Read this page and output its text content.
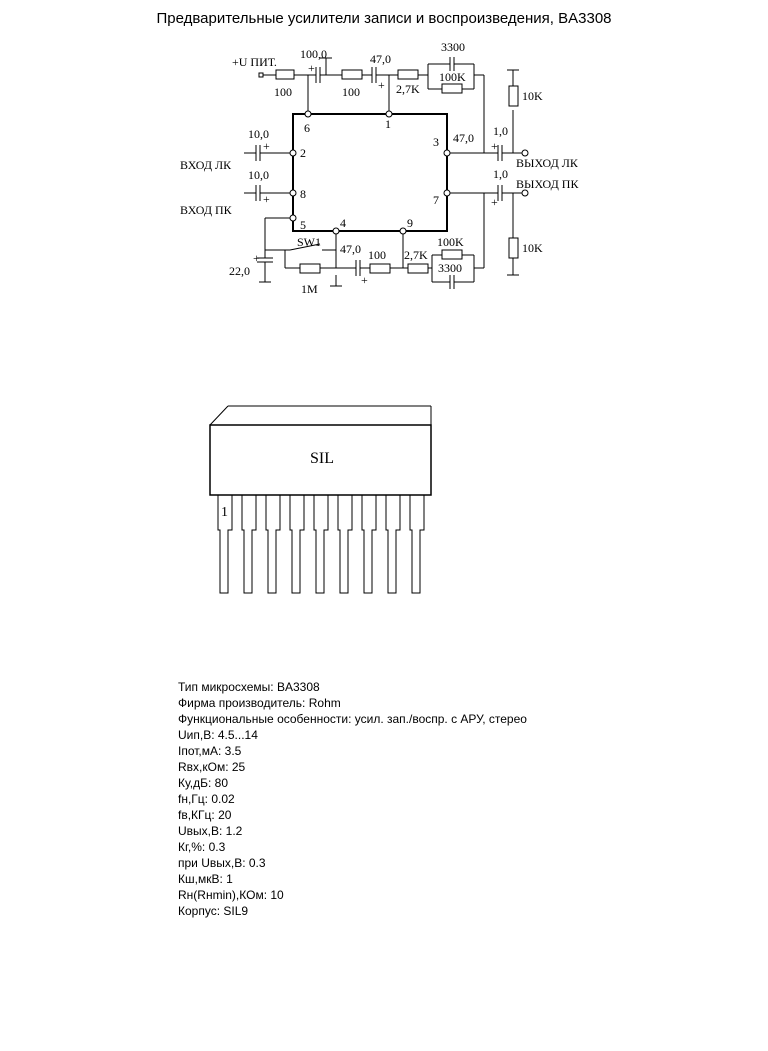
Предварительные усилители записи и воспроизведения, BA3308
+U ПИТ.
ВХОД ЛК
ВХОД ПК
ВЫХОД ЛК
ВЫХОД ПК
SW1
1
2
3
4
5
6
7
8
9
100
100,0
100
47,0
2,7K
3300
100K
10,0
10,0
47,0 1,0
1,0
10K
10K
47,0 100 2,7K
100K
3300
22,0
1M
+
+
+
+
+
+
+
+
SIL
1
Тип микросхемы: BA3308
Фирма производитель: Rohm
Функциональные особенности: усил. зап./воспр. с АРУ, стерео
Uип,В: 4.5...14
Iпот,мА: 3.5
Rвх,кОм: 25
Ку,дБ: 80
fн,Гц: 0.02
fв,КГц: 20
Uвых,В: 1.2
Кг,%: 0.3
при Uвых,В: 0.3
Кш,мкВ: 1
Rн(Rнmin),КОм: 10
Корпус: SIL9
